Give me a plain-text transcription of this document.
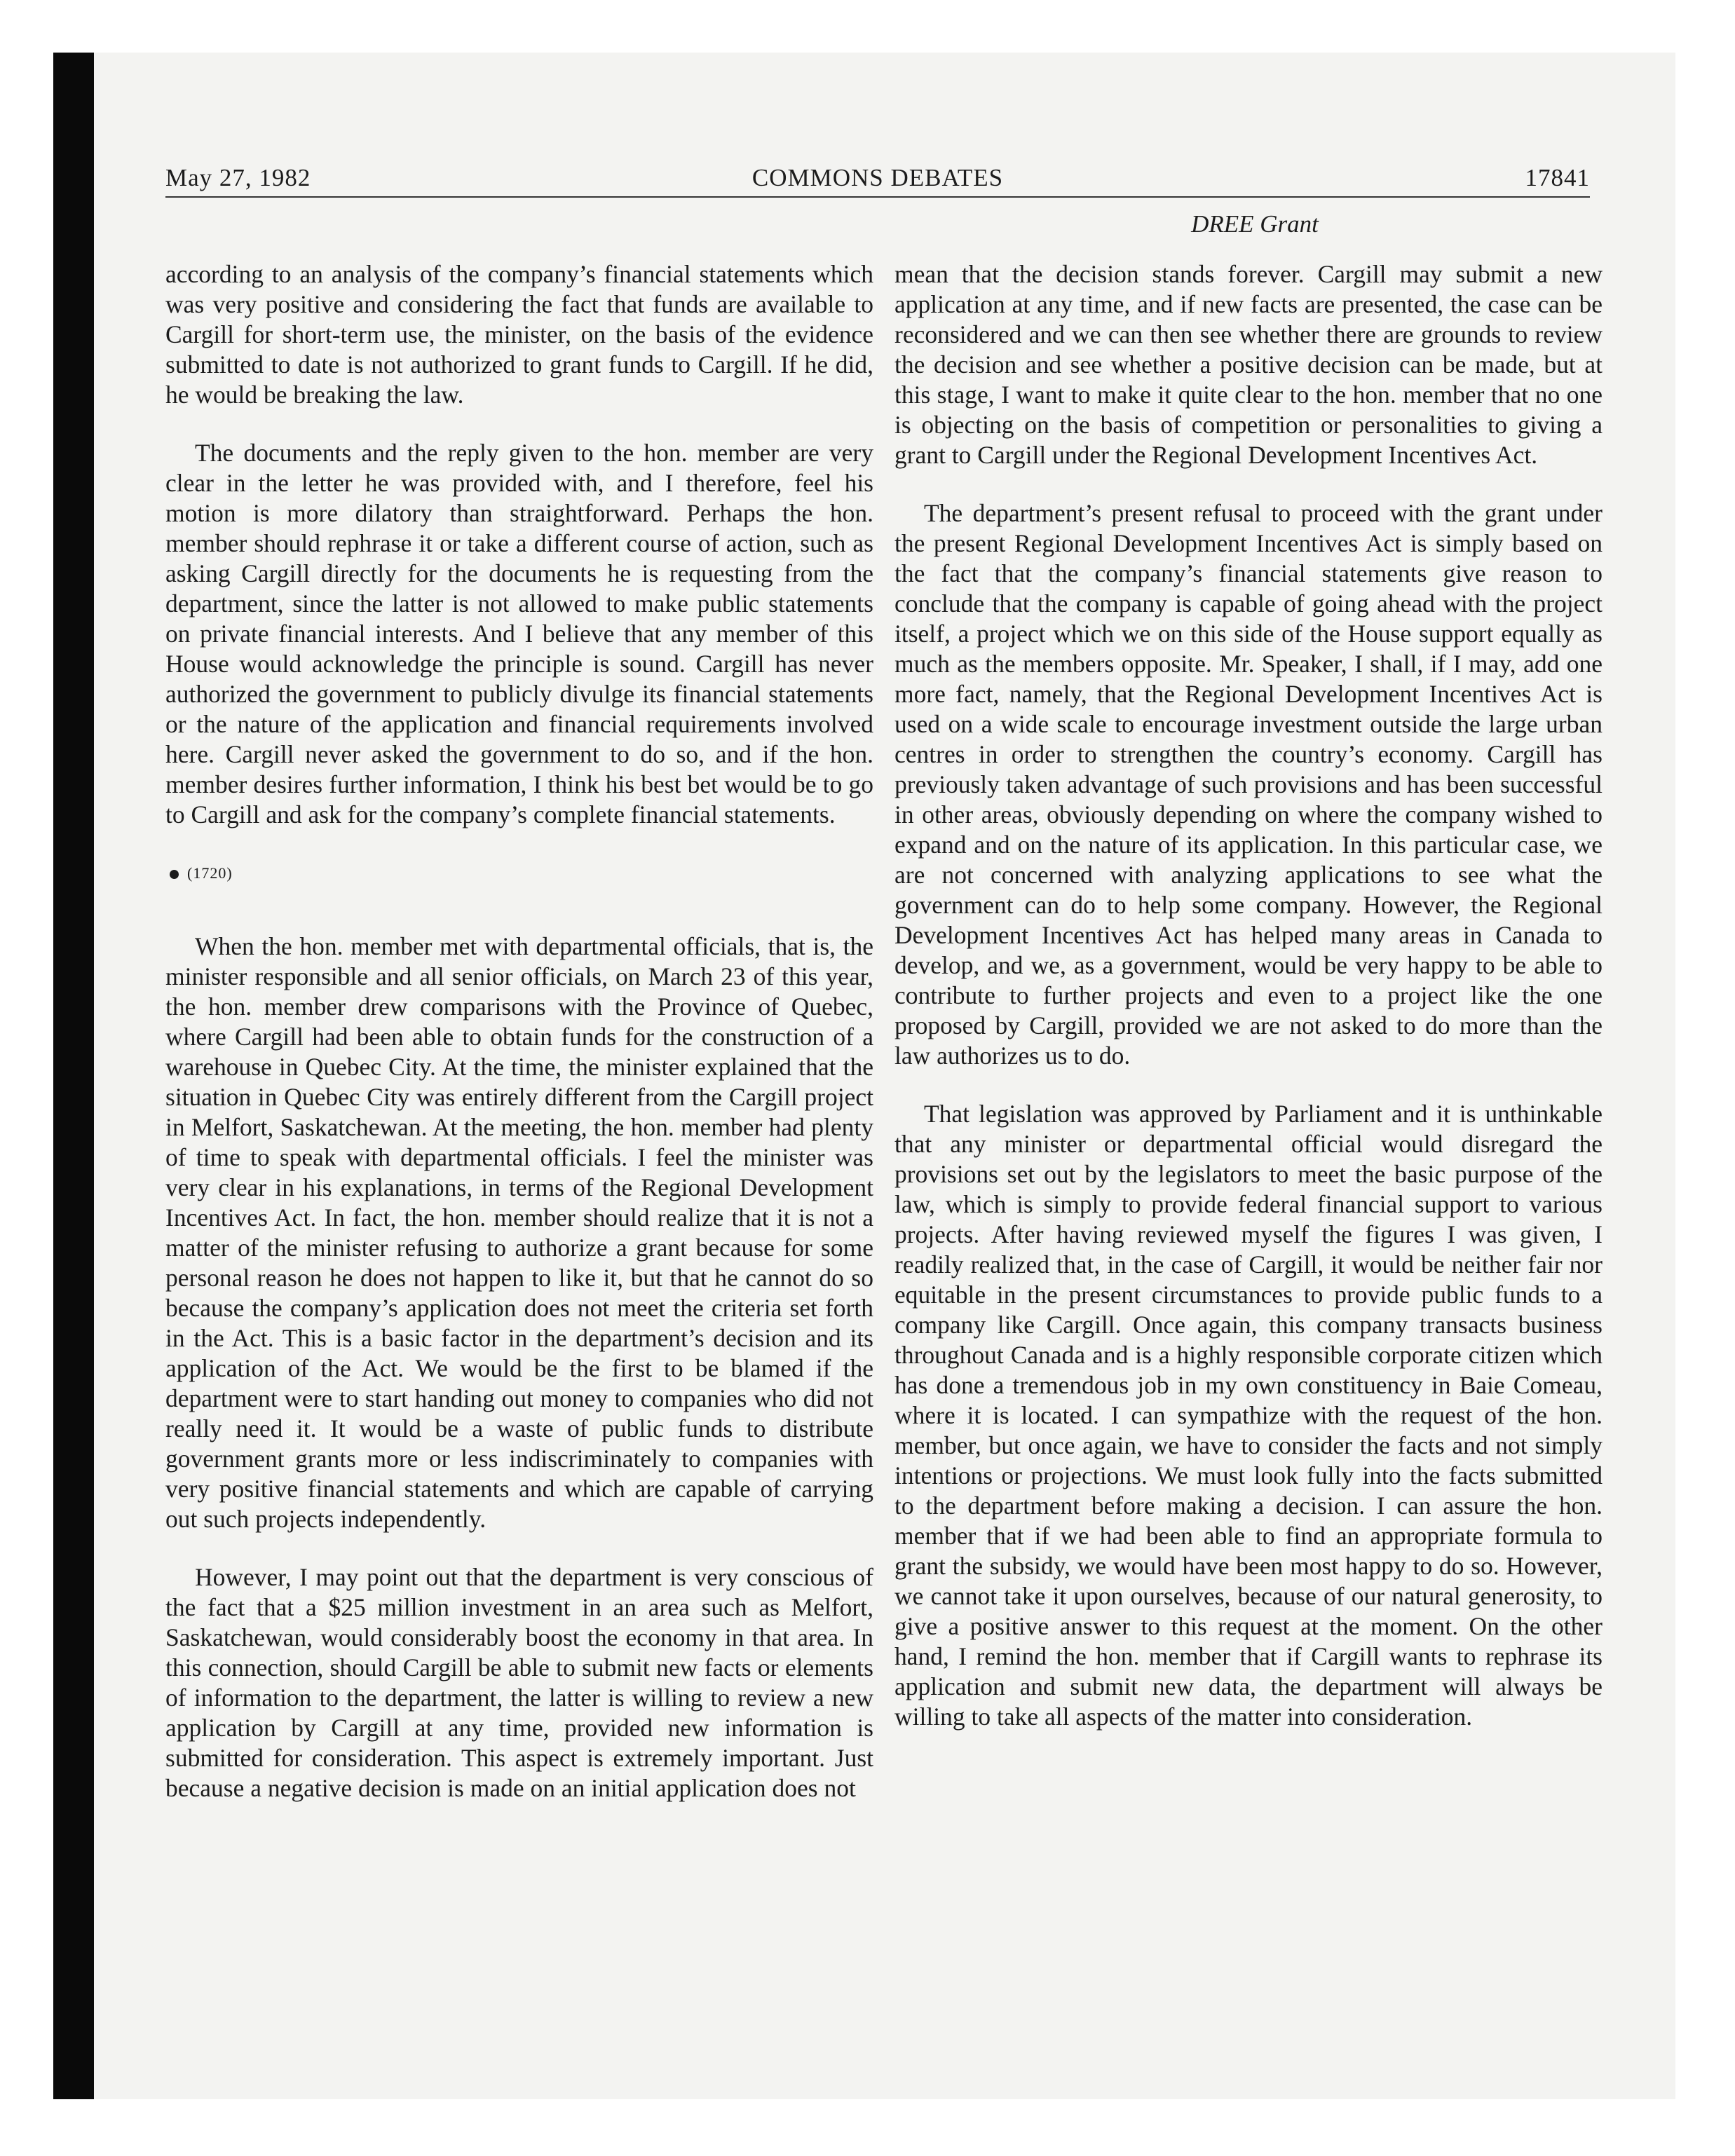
May 27, 1982	COMMONS DEBATES	17841
DREE Grant

according to an analysis of the company’s financial statements which was very positive and considering the fact that funds are available to Cargill for short-term use, the minister, on the basis of the evidence submitted to date is not authorized to grant funds to Cargill. If he did, he would be breaking the law.

The documents and the reply given to the hon. member are very clear in the letter he was provided with, and I therefore, feel his motion is more dilatory than straightforward. Perhaps the hon. member should rephrase it or take a different course of action, such as asking Cargill directly for the documents he is requesting from the department, since the latter is not allowed to make public statements on private financial interests. And I believe that any member of this House would acknowledge the principle is sound. Cargill has never authorized the government to publicly divulge its financial statements or the nature of the application and financial requirements involved here. Cargill never asked the government to do so, and if the hon. member desires further information, I think his best bet would be to go to Cargill and ask for the company’s complete financial statements.

(1720)

When the hon. member met with departmental officials, that is, the minister responsible and all senior officials, on March 23 of this year, the hon. member drew comparisons with the Province of Quebec, where Cargill had been able to obtain funds for the construction of a warehouse in Quebec City. At the time, the minister explained that the situation in Quebec City was entirely different from the Cargill project in Melfort, Saskatchewan. At the meeting, the hon. member had plenty of time to speak with departmental officials. I feel the minister was very clear in his explanations, in terms of the Regional Development Incentives Act. In fact, the hon. member should realize that it is not a matter of the minister refusing to authorize a grant because for some personal reason he does not happen to like it, but that he cannot do so because the company’s application does not meet the criteria set forth in the Act. This is a basic factor in the department’s decision and its application of the Act. We would be the first to be blamed if the department were to start handing out money to companies who did not really need it. It would be a waste of public funds to distribute government grants more or less indiscriminately to companies with very positive financial statements and which are capable of carrying out such projects independently.

However, I may point out that the department is very conscious of the fact that a $25 million investment in an area such as Melfort, Saskatchewan, would considerably boost the economy in that area. In this connection, should Cargill be able to submit new facts or elements of information to the department, the latter is willing to review a new application by Cargill at any time, provided new information is submitted for consideration. This aspect is extremely important. Just because a negative decision is made on an initial application does not

mean that the decision stands forever. Cargill may submit a new application at any time, and if new facts are presented, the case can be reconsidered and we can then see whether there are grounds to review the decision and see whether a positive decision can be made, but at this stage, I want to make it quite clear to the hon. member that no one is objecting on the basis of competition or personalities to giving a grant to Cargill under the Regional Development Incentives Act.

The department’s present refusal to proceed with the grant under the present Regional Development Incentives Act is simply based on the fact that the company’s financial statements give reason to conclude that the company is capable of going ahead with the project itself, a project which we on this side of the House support equally as much as the members opposite. Mr. Speaker, I shall, if I may, add one more fact, namely, that the Regional Development Incentives Act is used on a wide scale to encourage investment outside the large urban centres in order to strengthen the country’s economy. Cargill has previously taken advantage of such provisions and has been successful in other areas, obviously depending on where the company wished to expand and on the nature of its application. In this particular case, we are not concerned with analyzing applications to see what the government can do to help some company. However, the Regional Development Incentives Act has helped many areas in Canada to develop, and we, as a government, would be very happy to be able to contribute to further projects and even to a project like the one proposed by Cargill, provided we are not asked to do more than the law authorizes us to do.

That legislation was approved by Parliament and it is unthinkable that any minister or departmental official would disregard the provisions set out by the legislators to meet the basic purpose of the law, which is simply to provide federal financial support to various projects. After having reviewed myself the figures I was given, I readily realized that, in the case of Cargill, it would be neither fair nor equitable in the present circumstances to provide public funds to a company like Cargill. Once again, this company transacts business throughout Canada and is a highly responsible corporate citizen which has done a tremendous job in my own constituency in Baie Comeau, where it is located. I can sympathize with the request of the hon. member, but once again, we have to consider the facts and not simply intentions or projections. We must look fully into the facts submitted to the department before making a decision. I can assure the hon. member that if we had been able to find an appropriate formula to grant the subsidy, we would have been most happy to do so. However, we cannot take it upon ourselves, because of our natural generosity, to give a positive answer to this request at the moment. On the other hand, I remind the hon. member that if Cargill wants to rephrase its application and submit new data, the department will always be willing to take all aspects of the matter into consideration.
